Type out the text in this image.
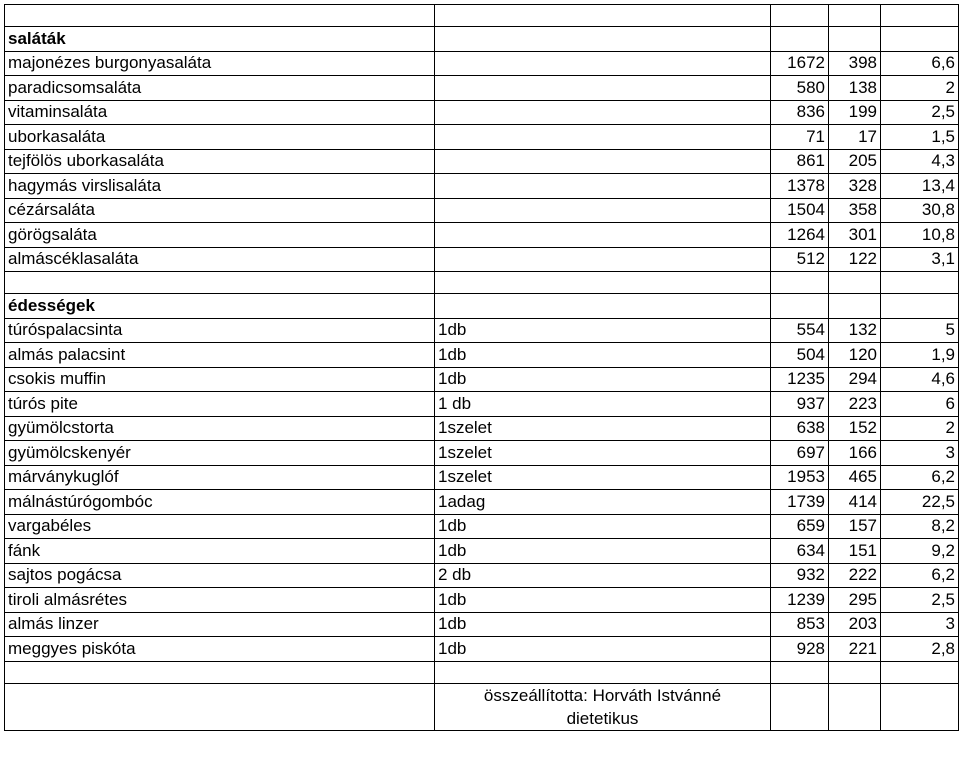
saláták				
majonézes burgonyasaláta		1672	398	6,6
paradicsomsaláta		580	138	2
vitaminsaláta		836	199	2,5
uborkasaláta		71	17	1,5
tejfölös uborkasaláta		861	205	4,3
hagymás virslisaláta		1378	328	13,4
cézársaláta		1504	358	30,8
görögsaláta		1264	301	10,8
almáscéklasaláta		512	122	3,1

édességek				
túróspalacsinta	1db	554	132	5
almás palacsint	1db	504	120	1,9
csokis muffin	1db	1235	294	4,6
túrós pite	1 db	937	223	6
gyümölcstorta	1szelet	638	152	2
gyümölcskenyér	1szelet	697	166	3
márványkuglóf	1szelet	1953	465	6,2
málnástúrógombóc	1adag	1739	414	22,5
vargabéles	1db	659	157	8,2
fánk	1db	634	151	9,2
sajtos pogácsa	2 db	932	222	6,2
tiroli almásrétes	1db	1239	295	2,5
almás linzer	1db	853	203	3
meggyes piskóta	1db	928	221	2,8

	összeállította: Horváth Istvánné
dietetikus			
